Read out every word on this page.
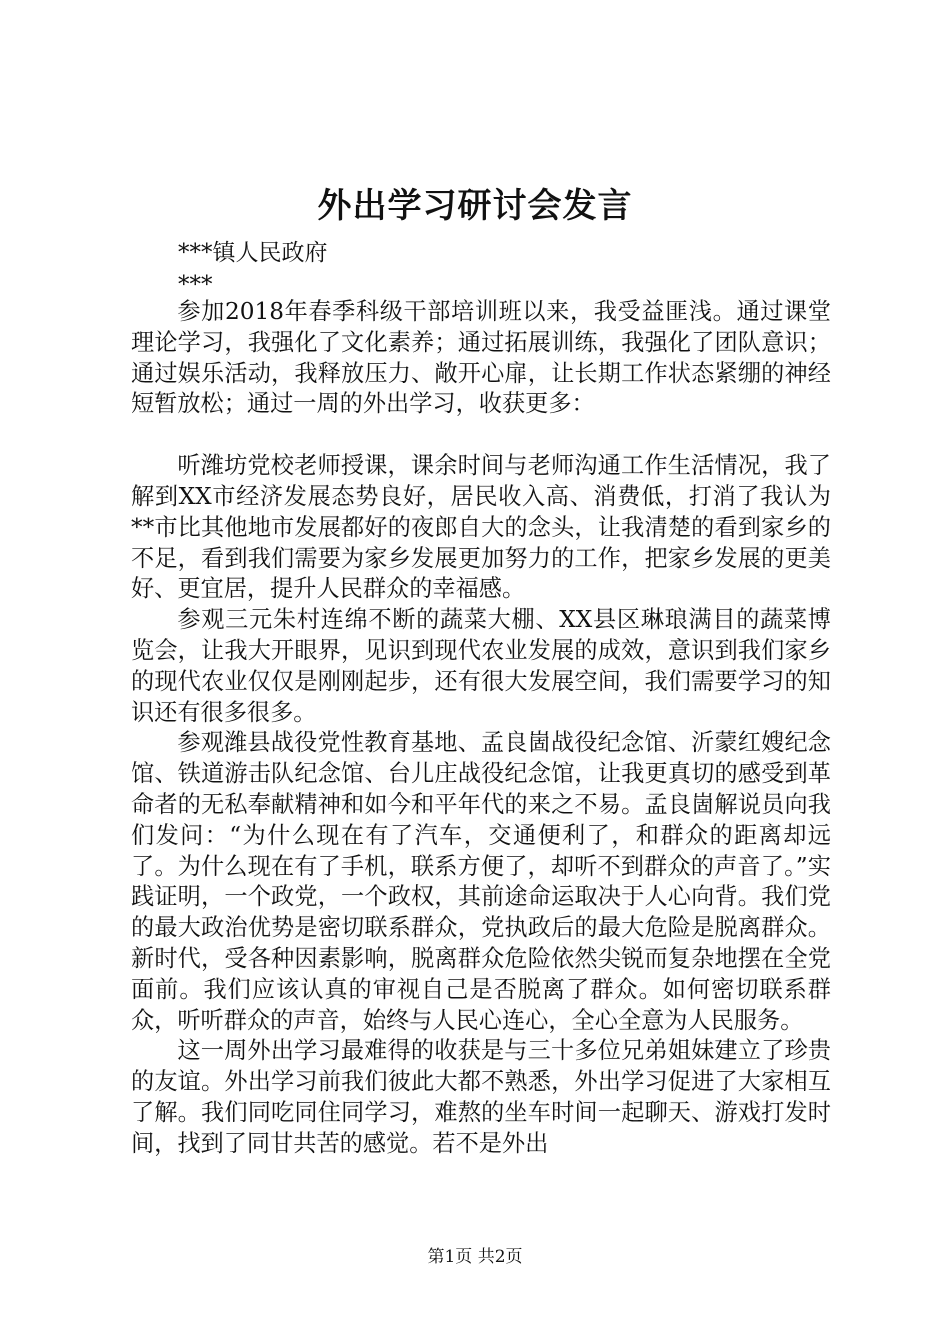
外出学习研讨会发言

***镇人民政府

***

参加2018年春季科级干部培训班以来，我受益匪浅。通过课堂理论学习，我强化了文化素养；通过拓展训练，我强化了团队意识；通过娱乐活动，我释放压力、敞开心扉，让长期工作状态紧绷的神经短暂放松；通过一周的外出学习，收获更多：

听潍坊党校老师授课，课余时间与老师沟通工作生活情况，我了解到XX市经济发展态势良好，居民收入高、消费低，打消了我认为**市比其他地市发展都好的夜郎自大的念头，让我清楚的看到家乡的不足，看到我们需要为家乡发展更加努力的工作，把家乡发展的更美好、更宜居，提升人民群众的幸福感。

参观三元朱村连绵不断的蔬菜大棚、XX县区琳琅满目的蔬菜博览会，让我大开眼界，见识到现代农业发展的成效，意识到我们家乡的现代农业仅仅是刚刚起步，还有很大发展空间，我们需要学习的知识还有很多很多。

参观潍县战役党性教育基地、孟良崮战役纪念馆、沂蒙红嫂纪念馆、铁道游击队纪念馆、台儿庄战役纪念馆，让我更真切的感受到革命者的无私奉献精神和如今和平年代的来之不易。孟良崮解说员向我们发问：“为什么现在有了汽车，交通便利了，和群众的距离却远了。为什么现在有了手机，联系方便了，却听不到群众的声音了。”实践证明，一个政党，一个政权，其前途命运取决于人心向背。我们党的最大政治优势是密切联系群众，党执政后的最大危险是脱离群众。新时代，受各种因素影响，脱离群众危险依然尖锐而复杂地摆在全党面前。我们应该认真的审视自己是否脱离了群众。如何密切联系群众，听听群众的声音，始终与人民心连心，全心全意为人民服务。

这一周外出学习最难得的收获是与三十多位兄弟姐妹建立了珍贵的友谊。外出学习前我们彼此大都不熟悉，外出学习促进了大家相互了解。我们同吃同住同学习，难熬的坐车时间一起聊天、游戏打发时间，找到了同甘共苦的感觉。若不是外出

第1页 共2页
